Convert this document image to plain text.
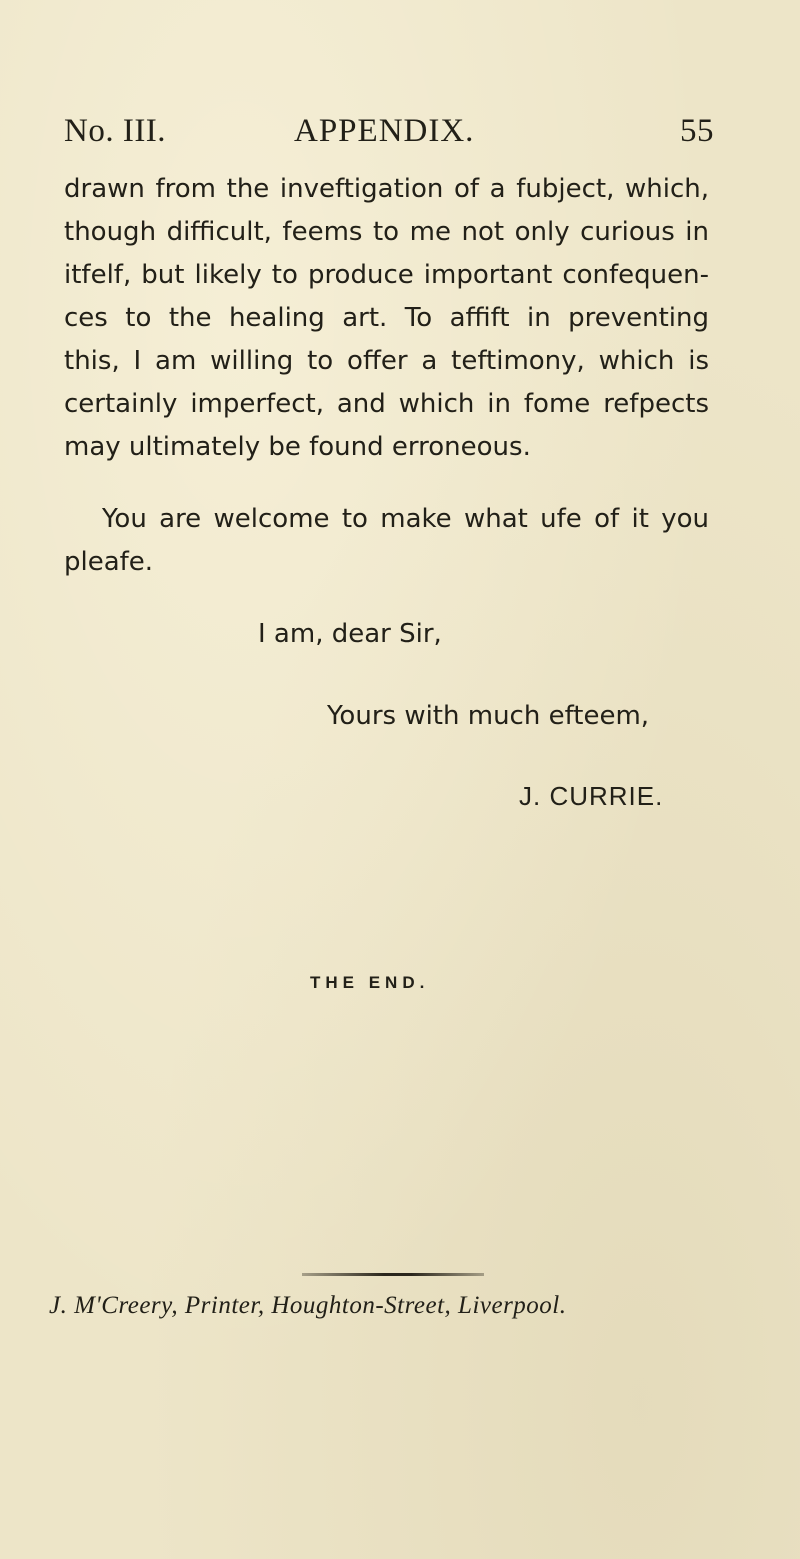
No. III.	APPENDIX.	55
drawn from the inveftigation of a fubject, which,
though difficult, feems to me not only curious in
itfelf, but likely to produce important confequen-
ces to the healing art. To affift in preventing
this, I am willing to offer a teftimony, which is
certainly imperfect, and which in fome refpects
may ultimately be found erroneous.
You are welcome to make what ufe of it you
pleafe.
I am, dear Sir,
Yours with much efteem,
J. CURRIE.
THE END.
J. M'Creery, Printer, Houghton-Street, Liverpool.
